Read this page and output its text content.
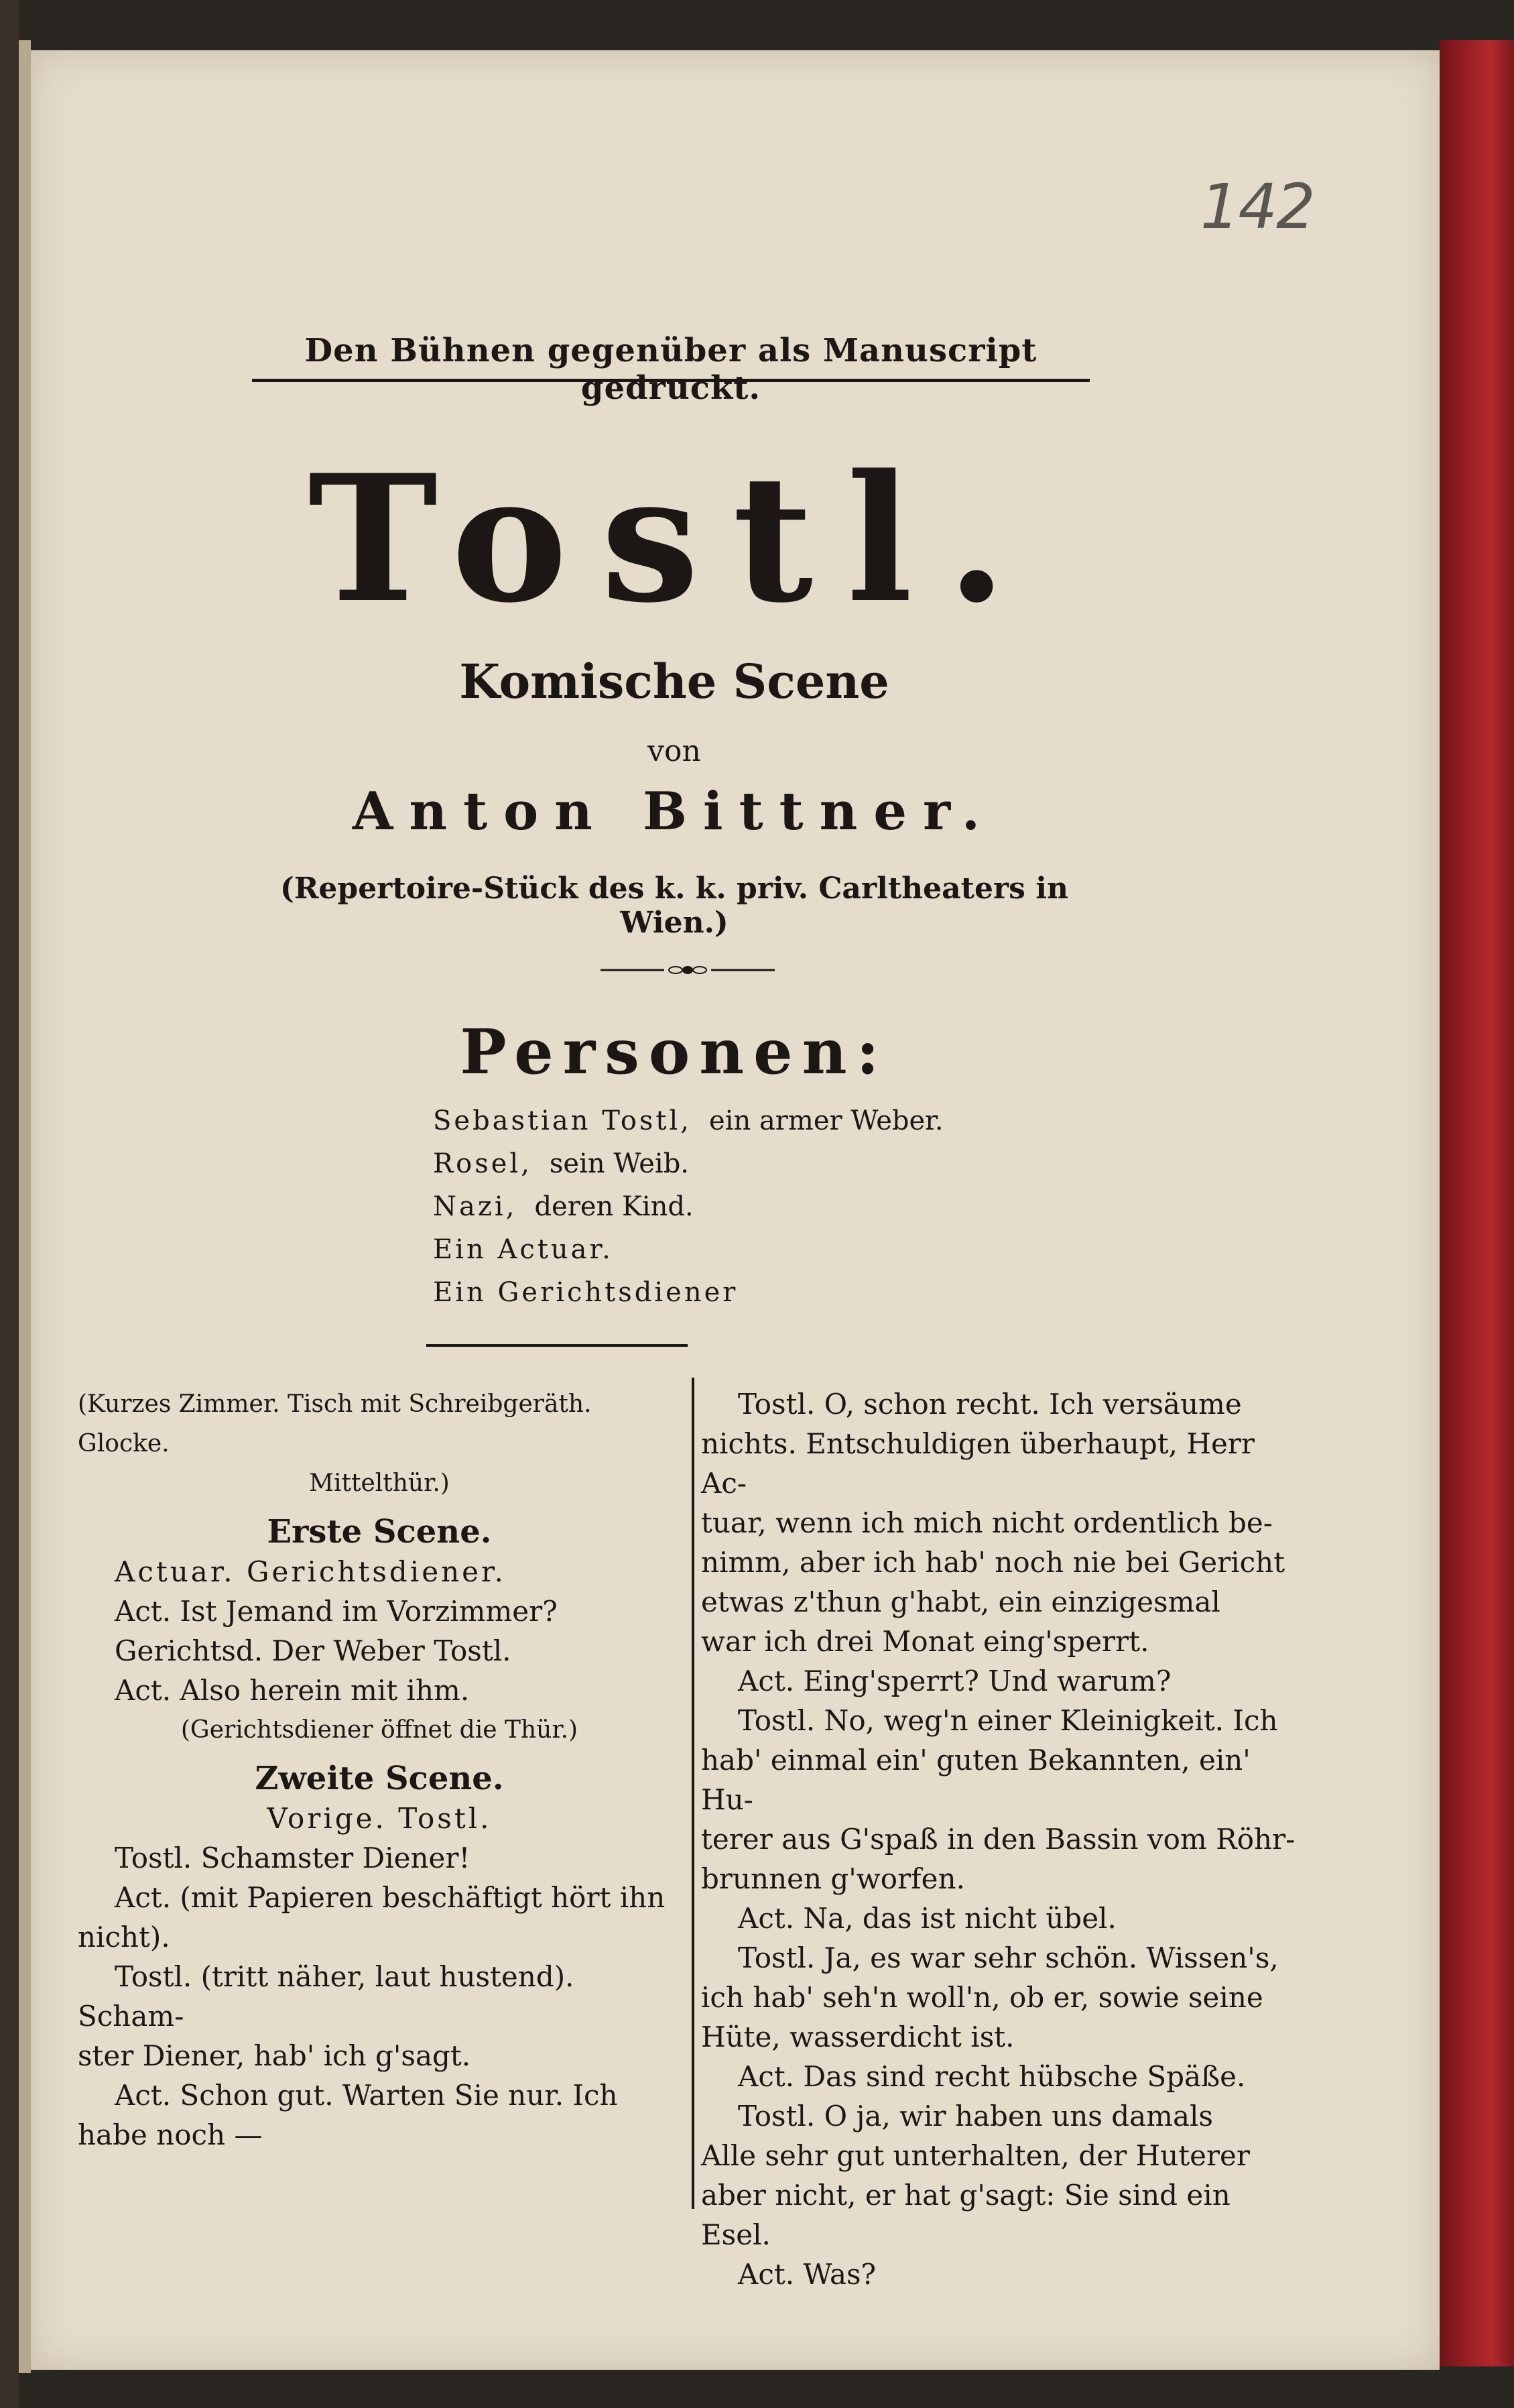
142
Den Bühnen gegenüber als Manuscript gedruckt.
Tostl.
Komische Scene
von
Anton Bittner.
(Repertoire-Stück des k. k. priv. Carltheaters in Wien.)
Personen:
Sebastian Tostl, ein armer Weber.
Rosel, sein Weib.
Nazi, deren Kind.
Ein Actuar.
Ein Gerichtsdiener

(Kurzes Zimmer. Tisch mit Schreibgeräth. Glocke.

Mittelthür.)

Erste Scene.

Actuar. Gerichtsdiener.

Act. Ist Jemand im Vorzimmer?

Gerichtsd. Der Weber Tostl.

Act. Also herein mit ihm.

(Gerichtsdiener öffnet die Thür.)

Zweite Scene.

Vorige. Tostl.

Tostl. Schamster Diener!

Act. (mit Papieren beschäftigt hört ihn

nicht).

Tostl. (tritt näher, laut hustend). Scham-

ster Diener, hab' ich g'sagt.

Act. Schon gut. Warten Sie nur. Ich

habe noch —

Tostl. O, schon recht. Ich versäume

nichts. Entschuldigen überhaupt, Herr Ac-

tuar, wenn ich mich nicht ordentlich be-

nimm, aber ich hab' noch nie bei Gericht

etwas z'thun g'habt, ein einzigesmal

war ich drei Monat eing'sperrt.

Act. Eing'sperrt? Und warum?

Tostl. No, weg'n einer Kleinigkeit. Ich

hab' einmal ein' guten Bekannten, ein' Hu-

terer aus G'spaß in den Bassin vom Röhr-

brunnen g'worfen.

Act. Na, das ist nicht übel.

Tostl. Ja, es war sehr schön. Wissen's,

ich hab' seh'n woll'n, ob er, sowie seine

Hüte, wasserdicht ist.

Act. Das sind recht hübsche Späße.

Tostl. O ja, wir haben uns damals

Alle sehr gut unterhalten, der Huterer

aber nicht, er hat g'sagt: Sie sind ein

Esel.

Act. Was?
